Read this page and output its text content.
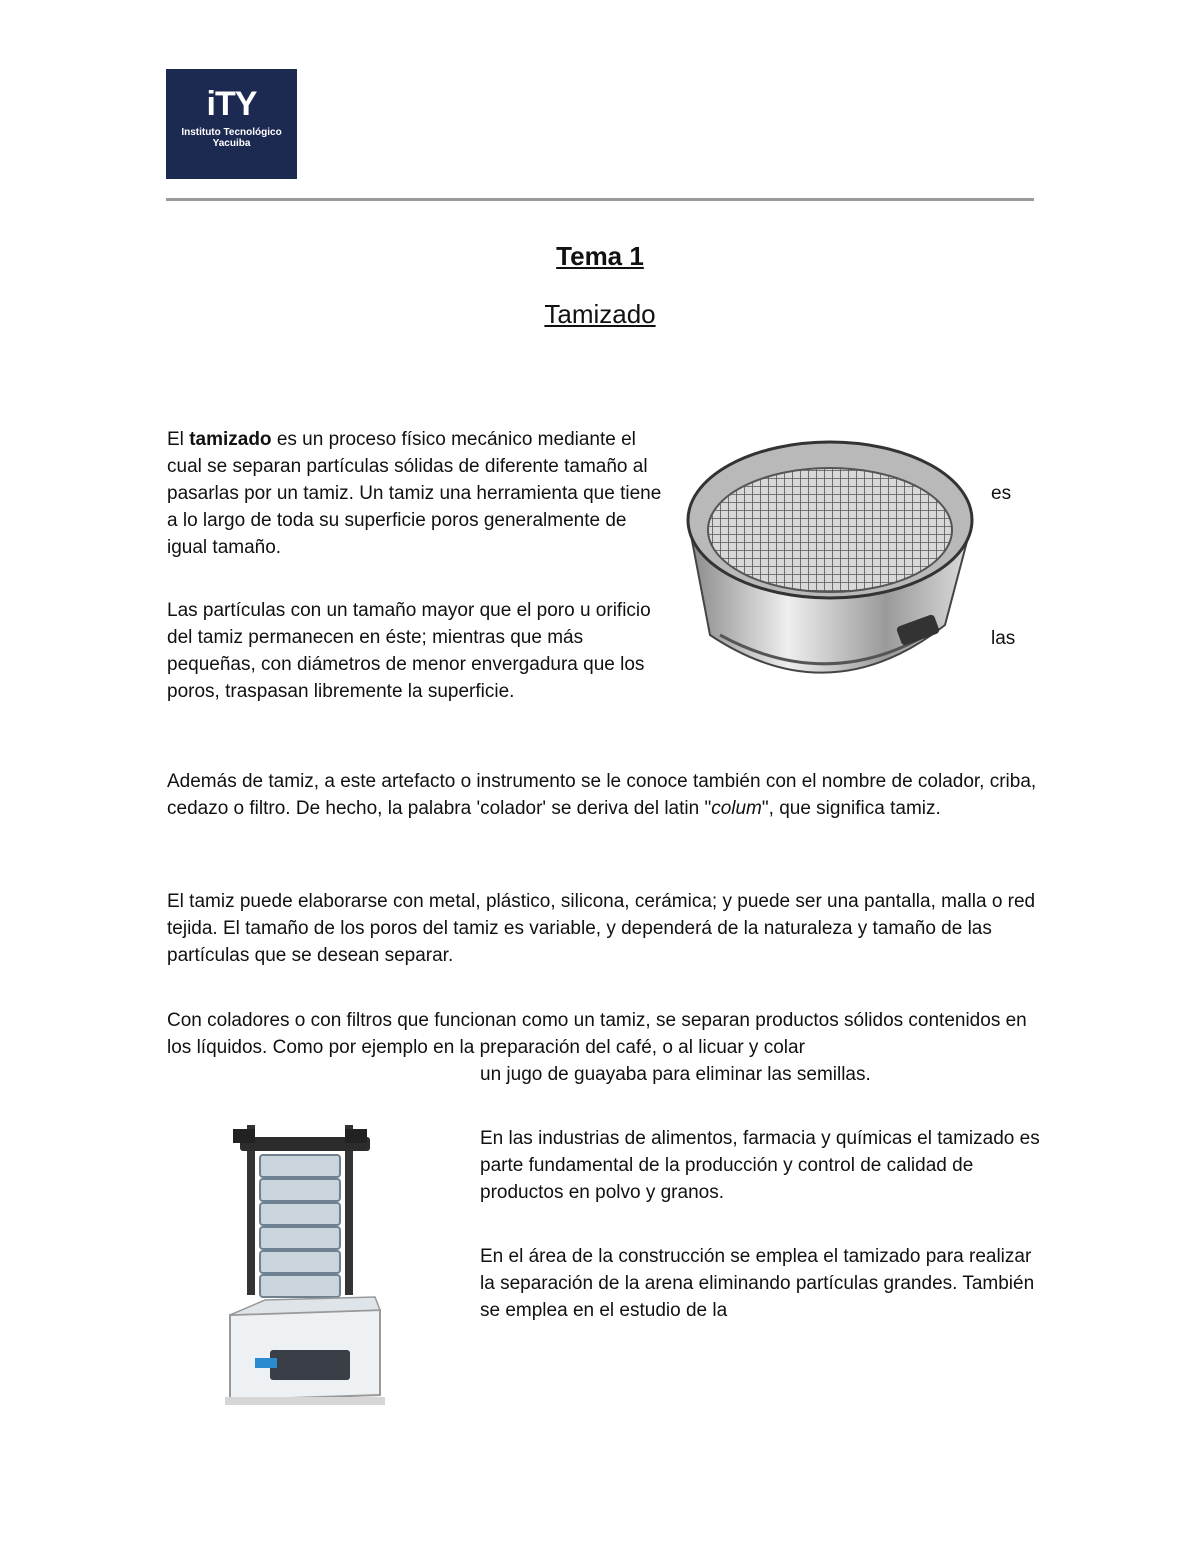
iTY
Instituto Tecnológico
Yacuiba
Tema 1
Tamizado
El tamizado es un proceso físico mecánico mediante el cual se separan partículas sólidas de diferente tamaño al pasarlas por un tamiz. Un tamiz una herramienta que tiene a lo largo de toda su superficie poros generalmente de igual tamaño.
es
Las partículas con un tamaño mayor que el poro u orificio del tamiz permanecen en éste; mientras que más pequeñas, con diámetros de menor envergadura que los poros, traspasan libremente la superficie.
las
Además de tamiz, a este artefacto o instrumento se le conoce también con el nombre de colador, criba, cedazo o filtro. De hecho, la palabra 'colador' se deriva del latin "colum", que significa tamiz.
El tamiz puede elaborarse con metal, plástico, silicona, cerámica; y puede ser una pantalla, malla o red tejida. El tamaño de los poros del tamiz es variable, y dependerá de la naturaleza y tamaño de las partículas que se desean separar.
Con coladores o con filtros que funcionan como un tamiz, se separan productos sólidos contenidos en los líquidos. Como por ejemplo en la preparación del café, o al licuar y colar
un jugo de guayaba para eliminar las semillas.
En las industrias de alimentos, farmacia y químicas el tamizado es parte fundamental de la producción y control de calidad de productos en polvo y granos.
En el área de la construcción se emplea el tamizado para realizar la separación de la arena eliminando partículas grandes. También se emplea en el estudio de la
